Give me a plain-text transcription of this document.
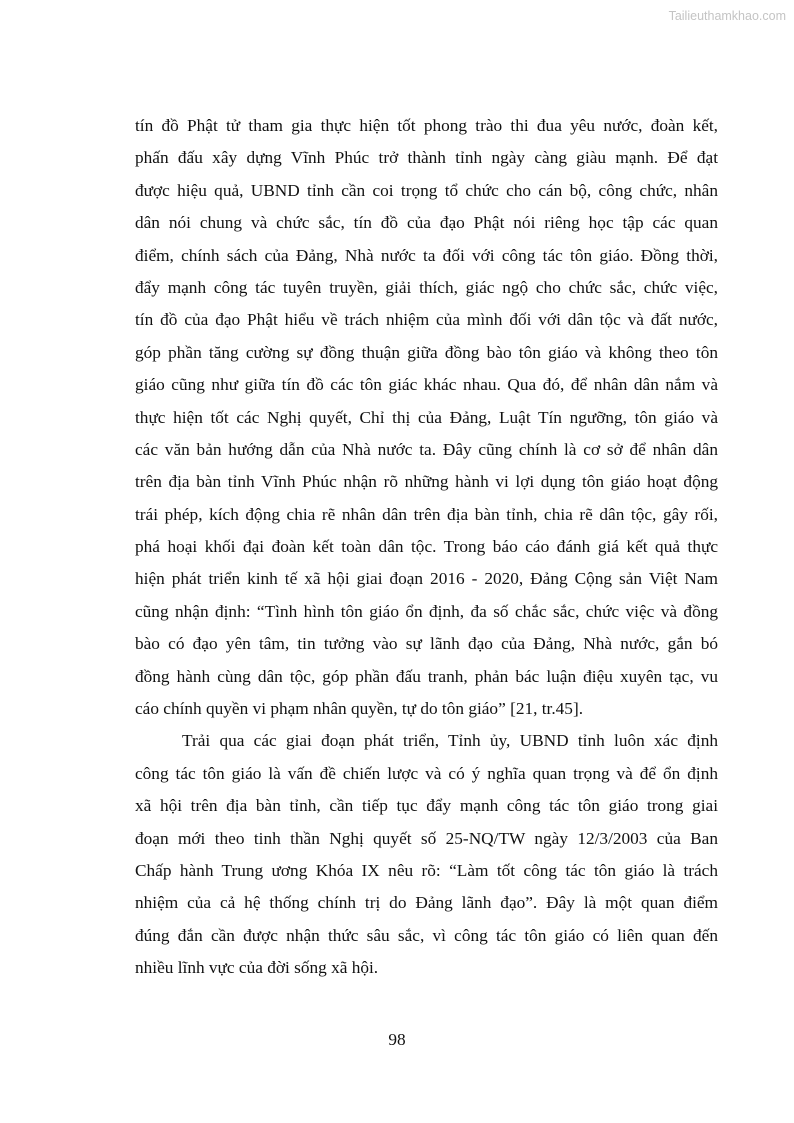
Tailieuthamkhao.com
tín đồ Phật tử tham gia thực hiện tốt phong trào thi đua yêu nước, đoàn kết,
phấn đấu xây dựng Vĩnh Phúc trở thành tỉnh ngày càng giàu mạnh. Để đạt
được hiệu quả, UBND tỉnh cần coi trọng tổ chức cho cán bộ, công chức, nhân
dân nói chung và chức sắc, tín đồ của đạo Phật nói riêng học tập các quan
điểm, chính sách của Đảng, Nhà nước ta đối với công tác tôn giáo. Đồng thời,
đẩy mạnh công tác tuyên truyền, giải thích, giác ngộ cho chức sắc, chức việc,
tín đồ của đạo Phật hiểu về trách nhiệm của mình đối với dân tộc và đất nước,
góp phần tăng cường sự đồng thuận giữa đồng bào tôn giáo và không theo tôn
giáo cũng như giữa tín đồ các tôn giác khác nhau. Qua đó, để nhân dân nắm và
thực hiện tốt các Nghị quyết, Chỉ thị của Đảng, Luật Tín ngưỡng, tôn giáo và
các văn bản hướng dẫn của Nhà nước ta. Đây cũng chính là cơ sở để nhân dân
trên địa bàn tỉnh Vĩnh Phúc nhận rõ những hành vi lợi dụng tôn giáo hoạt động
trái phép, kích động chia rẽ nhân dân trên địa bàn tỉnh, chia rẽ dân tộc, gây rối,
phá hoại khối đại đoàn kết toàn dân tộc. Trong báo cáo đánh giá kết quả thực
hiện phát triển kinh tế xã hội giai đoạn 2016 - 2020, Đảng Cộng sản Việt Nam
cũng nhận định: “Tình hình tôn giáo ổn định, đa số chắc sắc, chức việc và đồng
bào có đạo yên tâm, tin tưởng vào sự lãnh đạo của Đảng, Nhà nước, gắn bó
đồng hành cùng dân tộc, góp phần đấu tranh, phản bác luận điệu xuyên tạc, vu
cáo chính quyền vi phạm nhân quyền, tự do tôn giáo” [21, tr.45].
Trải qua các giai đoạn phát triển, Tỉnh ủy, UBND tỉnh luôn xác định
công tác tôn giáo là vấn đề chiến lược và có ý nghĩa quan trọng và để ổn định
xã hội trên địa bàn tỉnh, cần tiếp tục đẩy mạnh công tác tôn giáo trong giai
đoạn mới theo tinh thần Nghị quyết số 25-NQ/TW ngày 12/3/2003 của Ban
Chấp hành Trung ương Khóa IX nêu rõ: “Làm tốt công tác tôn giáo là trách
nhiệm của cả hệ thống chính trị do Đảng lãnh đạo”. Đây là một quan điểm
đúng đắn cần được nhận thức sâu sắc, vì công tác tôn giáo có liên quan đến
nhiều lĩnh vực của đời sống xã hội.
98
